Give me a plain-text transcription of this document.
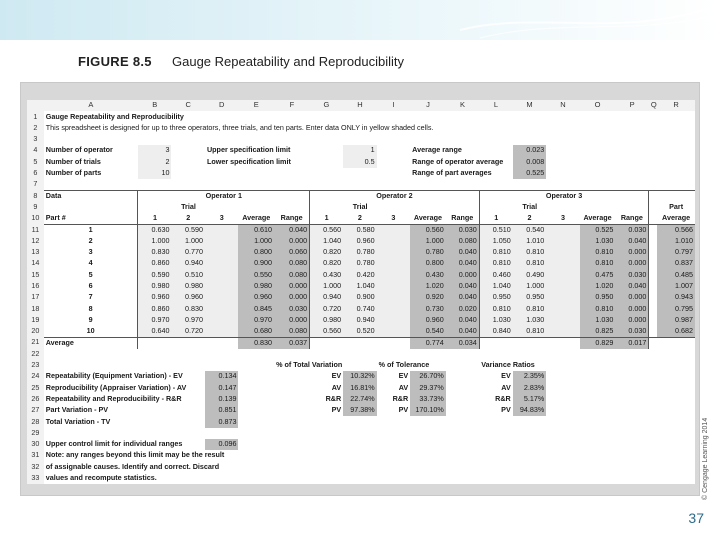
FIGURE 8.5 Gauge Repeatability and Reproducibility
	A	B	C	D	E	F	G	H	I	J	K	L	M	N	O	P	Q	R
1	Gauge Repeatability and Reproducibility																	
2	This spreadsheet is designed for up to three operators, three trials, and ten parts. Enter data ONLY in yellow shaded cells.																	
3																		
4	Number of operator	3		Upper specification limit				1		Average range			0.023					
5	Number of trials	2		Lower specification limit				0.5		Range of operator average			0.008					
6	Number of parts	10								Range of part averages			0.525					
7																		
8	Data	Operator 1					Operator 2					Operator 3						
9		Trial					Trial					Trial						Part
10	Part #	1	2	3	Average	Range	1	2	3	Average	Range	1	2	3	Average	Range		Average
11	1	0.630	0.590		0.610	0.040	0.560	0.580		0.560	0.030	0.510	0.540		0.525	0.030		0.566
12	2	1.000	1.000		1.000	0.000	1.040	0.960		1.000	0.080	1.050	1.010		1.030	0.040		1.010
13	3	0.830	0.770		0.800	0.060	0.820	0.780		0.780	0.040	0.810	0.810		0.810	0.000		0.797
14	4	0.860	0.940		0.900	0.080	0.820	0.780		0.800	0.040	0.810	0.810		0.810	0.000		0.837
15	5	0.590	0.510		0.550	0.080	0.430	0.420		0.430	0.000	0.460	0.490		0.475	0.030		0.485
16	6	0.980	0.980		0.980	0.000	1.000	1.040		1.020	0.040	1.040	1.000		1.020	0.040		1.007
17	7	0.960	0.960		0.960	0.000	0.940	0.900		0.920	0.040	0.950	0.950		0.950	0.000		0.943
18	8	0.860	0.830		0.845	0.030	0.720	0.740		0.730	0.020	0.810	0.810		0.810	0.000		0.795
19	9	0.970	0.970		0.970	0.000	0.980	0.940		0.960	0.040	1.030	1.030		1.030	0.000		0.987
20	10	0.640	0.720		0.680	0.080	0.560	0.520		0.540	0.040	0.840	0.810		0.825	0.030		0.682
21	Average				0.830	0.037				0.774	0.034				0.829	0.017		
22																		
23						% of Total Variation			% of Tolerance			Variance Ratios						
24	Repeatability (Equipment Variation) - EV			0.134			EV	10.32%	EV	26.70%		EV	2.35%					
25	Reproducibility (Appraiser Variation) - AV			0.147			AV	16.81%	AV	29.37%		AV	2.83%					
26	Repeatability and Reproducibility - R&R			0.139			R&R	22.74%	R&R	33.73%		R&R	5.17%					
27	Part Variation - PV			0.851			PV	97.38%	PV	170.10%		PV	94.83%					
28	Total Variation - TV			0.873														
29																		
30	Upper control limit for individual ranges			0.096														
31	Note: any ranges beyond this limit may be the result																	
32	of assignable causes. Identify and correct. Discard																	
33	values and recompute statistics.																		© Cengage Learning 2014
37
